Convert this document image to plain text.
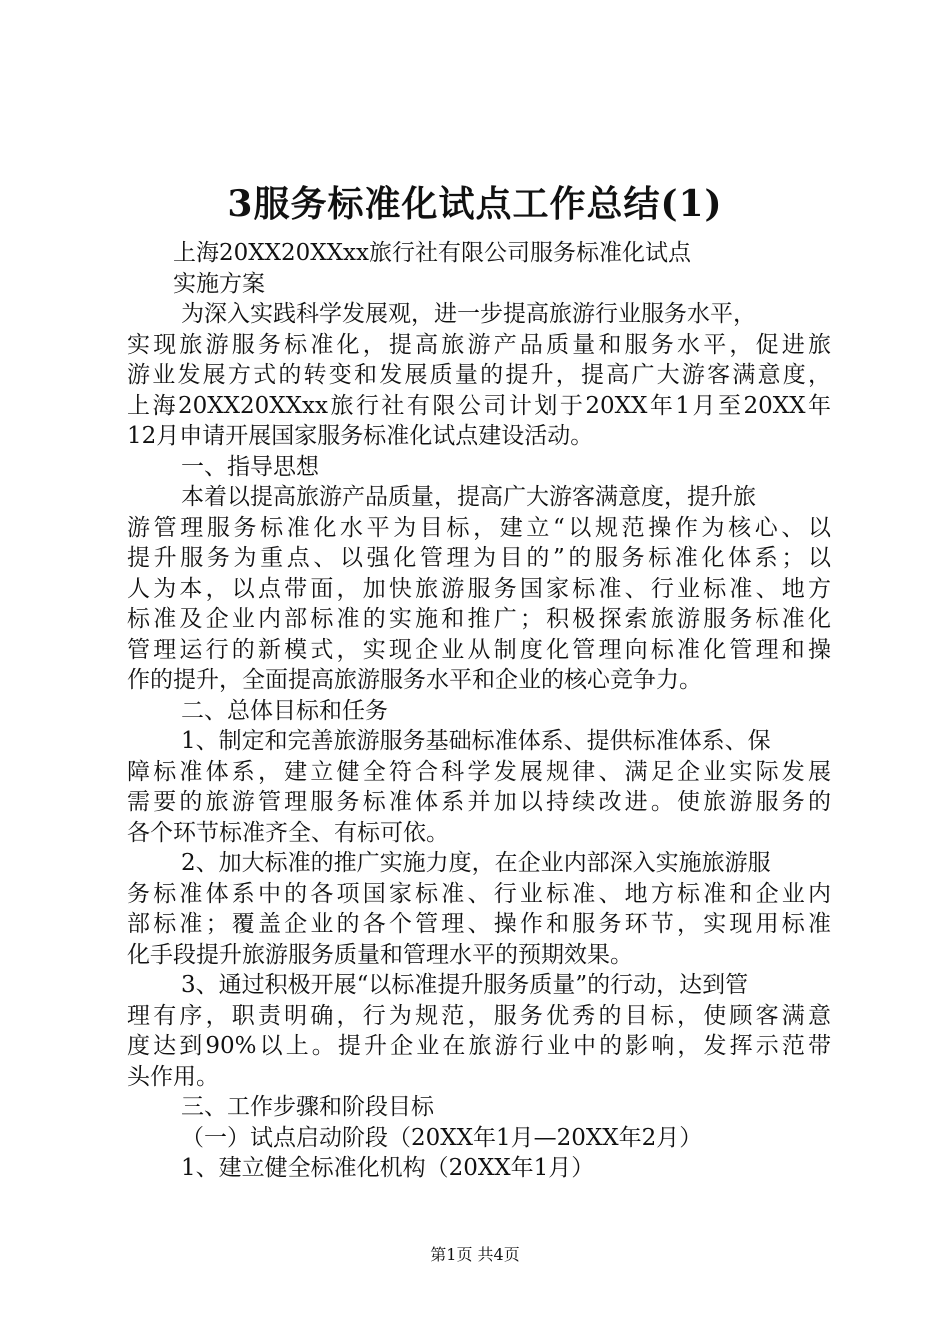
3服务标准化试点工作总结(1)
上海20XX20XXxx旅行社有限公司服务标准化试点
实施方案
为深入实践科学发展观，进一步提高旅游行业服务水平，
实现旅游服务标准化，提高旅游产品质量和服务水平，促进旅
游业发展方式的转变和发展质量的提升，提高广大游客满意度，
上海20XX20XXxx旅行社有限公司计划于20XX年1月至20XX年
12月申请开展国家服务标准化试点建设活动。
一、指导思想
本着以提高旅游产品质量，提高广大游客满意度，提升旅
游管理服务标准化水平为目标，建立“以规范操作为核心、以
提升服务为重点、以强化管理为目的”的服务标准化体系；以
人为本，以点带面，加快旅游服务国家标准、行业标准、地方
标准及企业内部标准的实施和推广；积极探索旅游服务标准化
管理运行的新模式，实现企业从制度化管理向标准化管理和操
作的提升，全面提高旅游服务水平和企业的核心竞争力。
二、总体目标和任务
1、制定和完善旅游服务基础标准体系、提供标准体系、保
障标准体系，建立健全符合科学发展规律、满足企业实际发展
需要的旅游管理服务标准体系并加以持续改进。使旅游服务的
各个环节标准齐全、有标可依。
2、加大标准的推广实施力度，在企业内部深入实施旅游服
务标准体系中的各项国家标准、行业标准、地方标准和企业内
部标准；覆盖企业的各个管理、操作和服务环节，实现用标准
化手段提升旅游服务质量和管理水平的预期效果。
3、通过积极开展“以标准提升服务质量”的行动，达到管
理有序，职责明确，行为规范，服务优秀的目标，使顾客满意
度达到90%以上。提升企业在旅游行业中的影响，发挥示范带
头作用。
三、工作步骤和阶段目标
（一）试点启动阶段（20XX年1月—20XX年2月）
1、建立健全标准化机构（20XX年1月）
第1页 共4页
